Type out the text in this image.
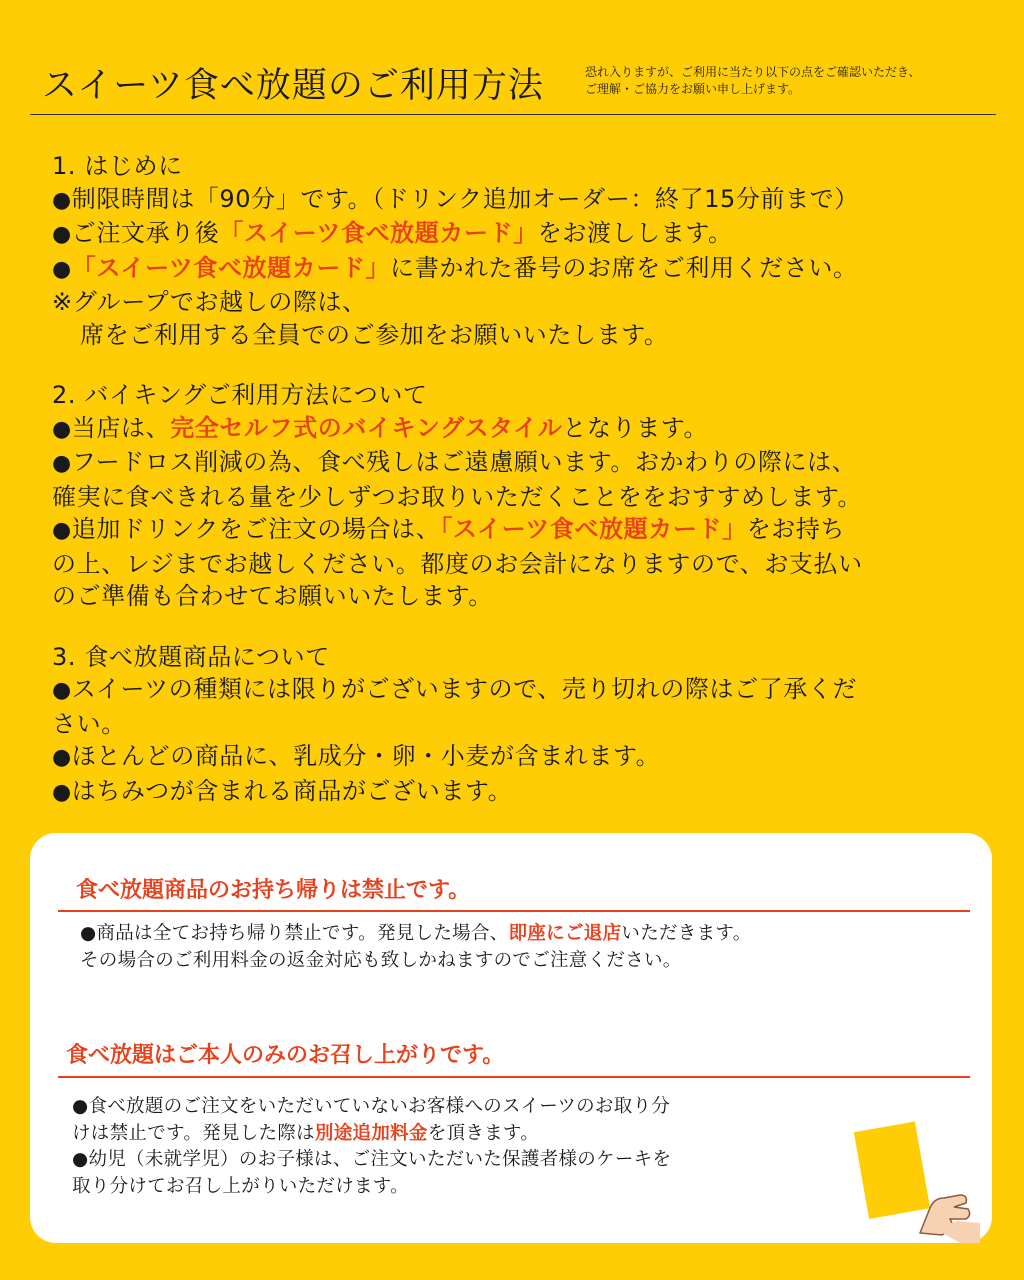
スイーツ食べ放題のご利用方法	恐れ入りますが、ご利用に当たり以下の点をご確認いただき、
ご理解・ご協力をお願い申し上げます。

1. はじめに

●制限時間は「90分」です。（ドリンク追加オーダー：終了15分前まで）

●ご注文承り後「スイーツ食べ放題カード」をお渡しします。

●「スイーツ食べ放題カード」に書かれた番号のお席をご利用ください。

※グループでお越しの際は、

席をご利用する全員でのご参加をお願いいたします。

2. バイキングご利用方法について

●当店は、完全セルフ式のバイキングスタイルとなります。

●フードロス削減の為、食べ残しはご遠慮願います。おかわりの際には、

確実に食べきれる量を少しずつお取りいただくことををおすすめします。

●追加ドリンクをご注文の場合は、「スイーツ食べ放題カード」をお持ち

の上、レジまでお越しください。都度のお会計になりますので、お支払い

のご準備も合わせてお願いいたします。

3. 食べ放題商品について

●スイーツの種類には限りがございますので、売り切れの際はご了承くだ

さい。

●ほとんどの商品に、乳成分・卵・小麦が含まれます。

●はちみつが含まれる商品がございます。

食べ放題商品のお持ち帰りは禁止です。
●商品は全てお持ち帰り禁止です。発見した場合、即座にご退店いただきます。
その場合のご利用料金の返金対応も致しかねますのでご注意ください。
食べ放題はご本人のみのお召し上がりです。
●食べ放題のご注文をいただいていないお客様へのスイーツのお取り分
けは禁止です。発見した際は別途追加料金を頂きます。
●幼児（未就学児）のお子様は、ご注文いただいた保護者様のケーキを
取り分けてお召し上がりいただけます。
